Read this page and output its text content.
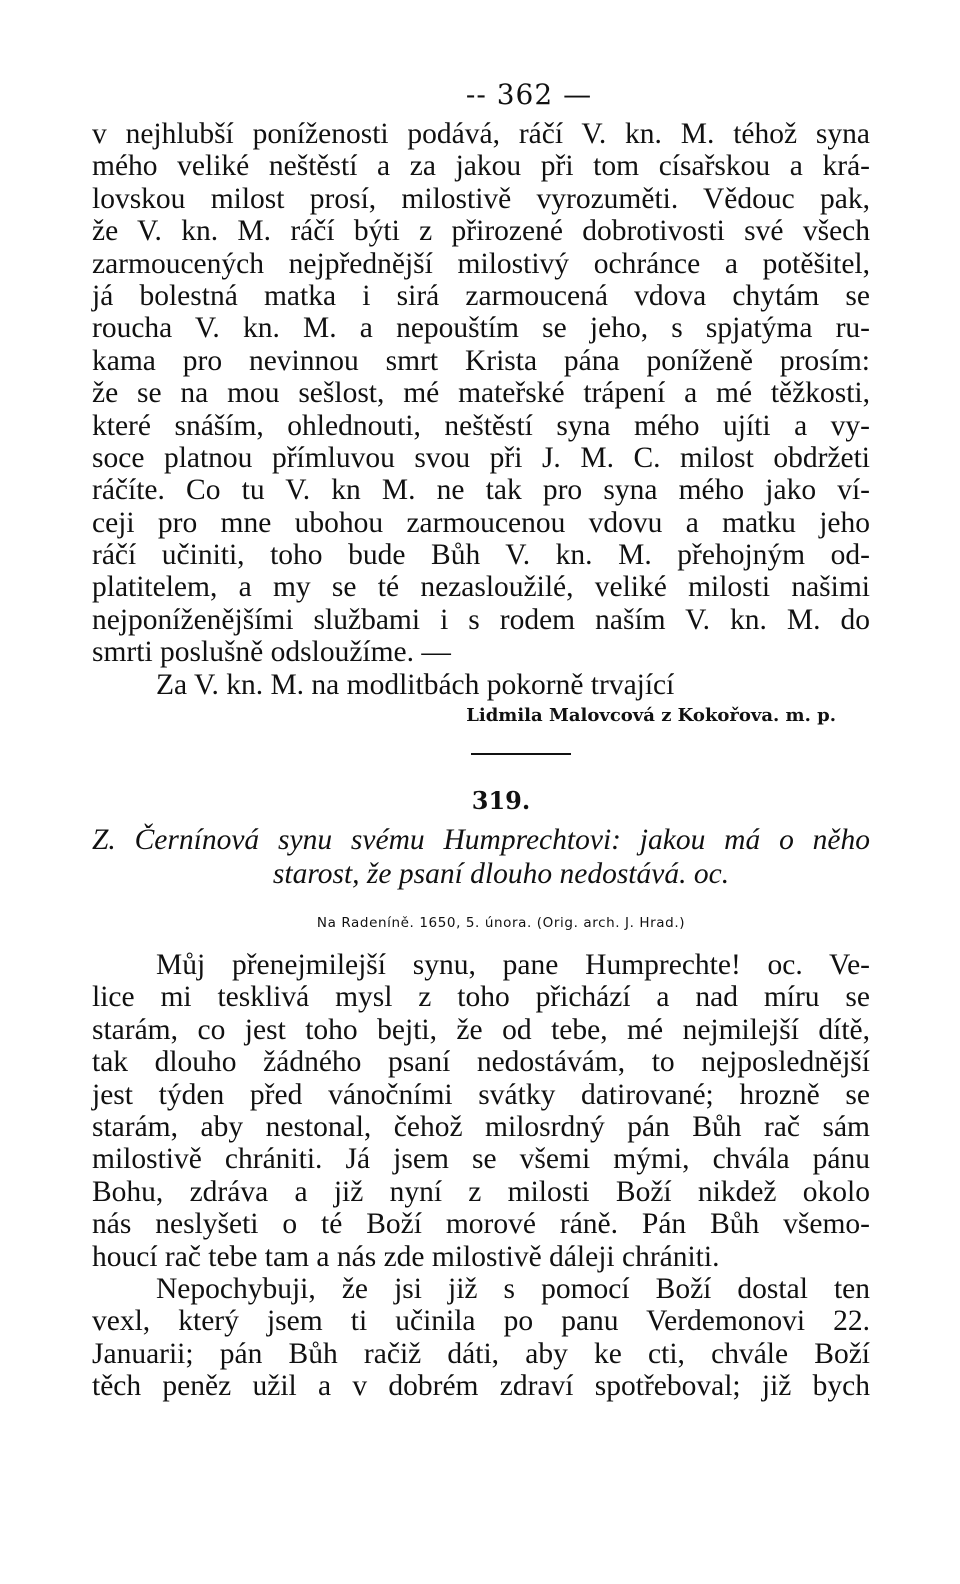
-- 362 —
v nejhlubší poníženosti podává, ráčí V. kn. M. téhož syna
mého veliké neštěstí a za jakou při tom císařskou a krá-
lovskou milost prosí, milostivě vyrozuměti. Vědouc pak,
že V. kn. M. ráčí býti z přirozené dobrotivosti své všech
zarmoucených nejpřednější milostivý ochránce a potěšitel,
já bolestná matka i sirá zarmoucená vdova chytám se
roucha V. kn. M. a nepouštím se jeho, s spjatýma ru-
kama pro nevinnou smrt Krista pána poníženě prosím:
že se na mou sešlost, mé mateřské trápení a mé těžkosti,
které snáším, ohlednouti, neštěstí syna mého ujíti a vy-
soce platnou přímluvou svou při J. M. C. milost obdržeti
ráčíte. Co tu V. kn M. ne tak pro syna mého jako ví-
ceji pro mne ubohou zarmoucenou vdovu a matku jeho
ráčí učiniti, toho bude Bůh V. kn. M. přehojným od-
platitelem, a my se té nezasloužilé, veliké milosti našimi
nejponíženějšími službami i s rodem naším V. kn. M. do
smrti poslušně odsloužíme. —
Za V. kn. M. na modlitbách pokorně trvající
Lidmila Malovcová z Kokořova. m. p.
319.
Z. Černínová synu svému Humprechtovi: jakou má o něho
starost, že psaní dlouho nedostává. oc.
Na Radeníně. 1650, 5. února. (Orig. arch. J. Hrad.)
Můj přenejmilejší synu, pane Humprechte! oc. Ve-
lice mi tesklivá mysl z toho přichází a nad míru se
starám, co jest toho bejti, že od tebe, mé nejmilejší dítě,
tak dlouho žádného psaní nedostávám, to nejposlednější
jest týden před vánočními svátky datirované; hrozně se
starám, aby nestonal, čehož milosrdný pán Bůh rač sám
milostivě chrániti. Já jsem se všemi mými, chvála pánu
Bohu, zdráva a již nyní z milosti Boží nikdež okolo
nás neslyšeti o té Boží morové ráně. Pán Bůh všemo-
houcí rač tebe tam a nás zde milostivě dáleji chrániti.
Nepochybuji, že jsi již s pomocí Boží dostal ten
vexl, který jsem ti učinila po panu Verdemonovi 22.
Januarii; pán Bůh račiž dáti, aby ke cti, chvále Boží
těch peněz užil a v dobrém zdraví spotřeboval; již bych
